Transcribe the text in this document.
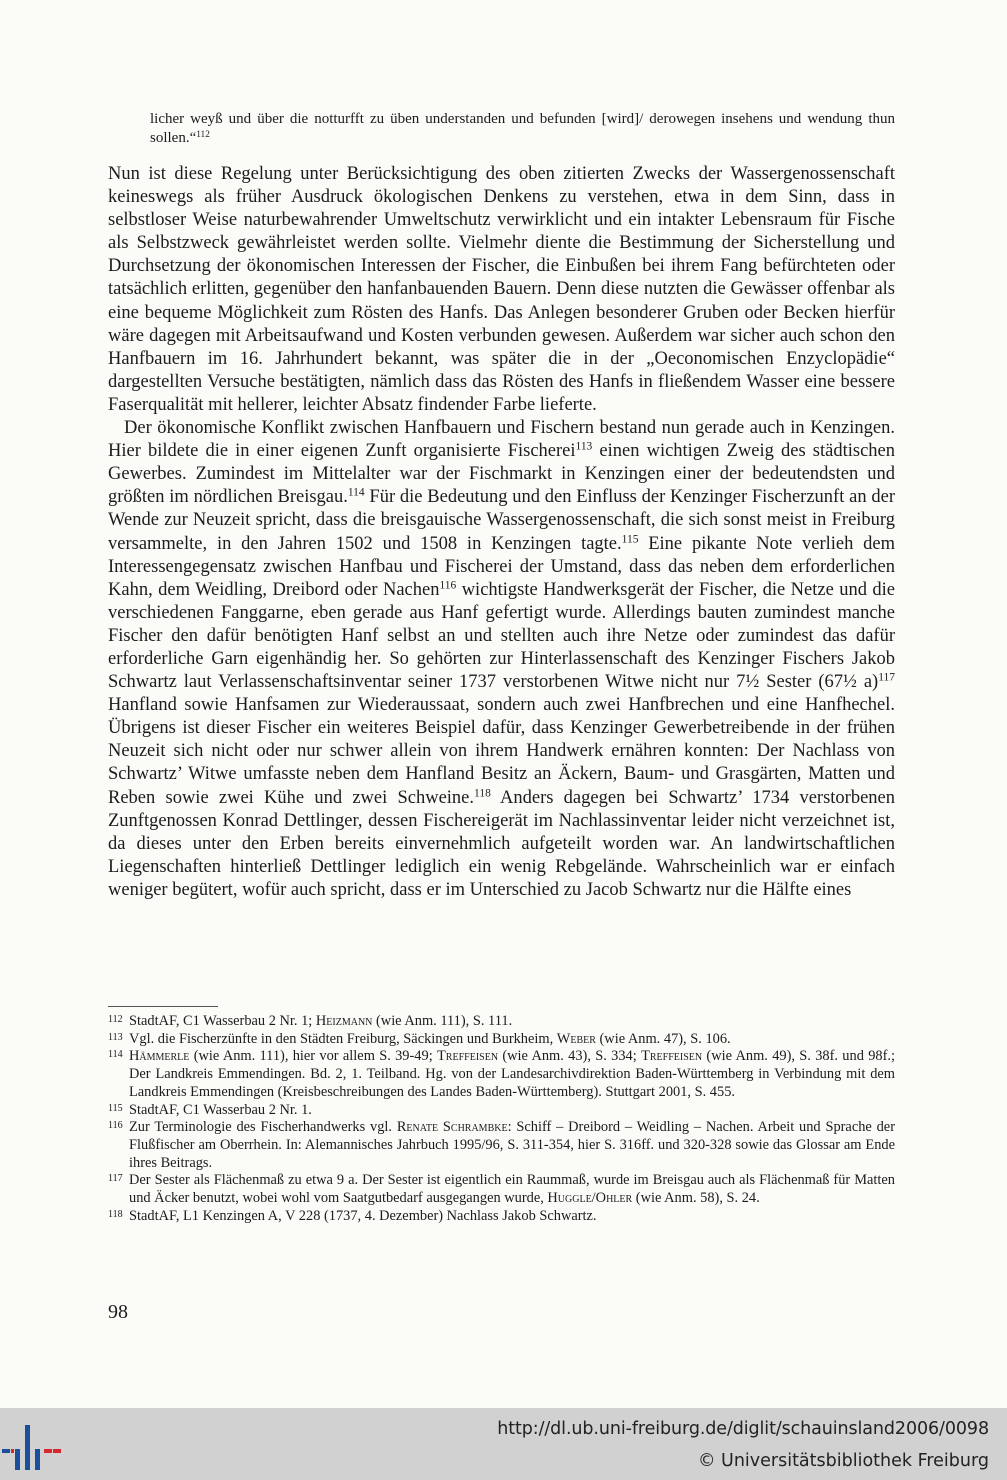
licher weyß und über die notturfft zu üben understanden und befunden [wird]/ derowegen insehens und wendung thun sollen.“$^{112}$

Nun ist diese Regelung unter Berücksichtigung des oben zitierten Zwecks der Wassergenossenschaft keineswegs als früher Ausdruck ökologischen Denkens zu verstehen, etwa in dem Sinn, dass in selbstloser Weise naturbewahrender Umweltschutz verwirklicht und ein intakter Lebensraum für Fische als Selbstzweck gewährleistet werden sollte. Vielmehr diente die Bestimmung der Sicherstellung und Durchsetzung der ökonomischen Interessen der Fischer, die Einbußen bei ihrem Fang befürchteten oder tatsächlich erlitten, gegenüber den hanfanbauenden Bauern. Denn diese nutzten die Gewässer offenbar als eine bequeme Möglichkeit zum Rösten des Hanfs. Das Anlegen besonderer Gruben oder Becken hierfür wäre dagegen mit Arbeitsaufwand und Kosten verbunden gewesen. Außerdem war sicher auch schon den Hanfbauern im 16. Jahrhundert bekannt, was später die in der „Oeconomischen Enzyclopädie“ dargestellten Versuche bestätigten, nämlich dass das Rösten des Hanfs in fließendem Wasser eine bessere Faserqualität mit hellerer, leichter Absatz findender Farbe lieferte.

Der ökonomische Konflikt zwischen Hanfbauern und Fischern bestand nun gerade auch in Kenzingen. Hier bildete die in einer eigenen Zunft organisierte Fischerei$^{113}$ einen wichtigen Zweig des städtischen Gewerbes. Zumindest im Mittelalter war der Fischmarkt in Kenzingen einer der bedeutendsten und größten im nördlichen Breisgau.$^{114}$ Für die Bedeutung und den Einfluss der Kenzinger Fischerzunft an der Wende zur Neuzeit spricht, dass die breisgauische Wassergenossenschaft, die sich sonst meist in Freiburg versammelte, in den Jahren 1502 und 1508 in Kenzingen tagte.$^{115}$ Eine pikante Note verlieh dem Interessengegensatz zwischen Hanfbau und Fischerei der Umstand, dass das neben dem erforderlichen Kahn, dem Weidling, Dreibord oder Nachen$^{116}$ wichtigste Handwerksgerät der Fischer, die Netze und die verschiedenen Fanggarne, eben gerade aus Hanf gefertigt wurde. Allerdings bauten zumindest manche Fischer den dafür benötigten Hanf selbst an und stellten auch ihre Netze oder zumindest das dafür erforderliche Garn eigenhändig her. So gehörten zur Hinterlassenschaft des Kenzinger Fischers Jakob Schwartz laut Verlassenschaftsinventar seiner 1737 verstorbenen Witwe nicht nur 7½ Sester (67½ a)$^{117}$ Hanfland sowie Hanfsamen zur Wiederaussaat, sondern auch zwei Hanfbrechen und eine Hanfhechel. Übrigens ist dieser Fischer ein weiteres Beispiel dafür, dass Kenzinger Gewerbetreibende in der frühen Neuzeit sich nicht oder nur schwer allein von ihrem Handwerk ernähren konnten: Der Nachlass von Schwartz’ Witwe umfasste neben dem Hanfland Besitz an Äckern, Baum- und Grasgärten, Matten und Reben sowie zwei Kühe und zwei Schweine.$^{118}$ Anders dagegen bei Schwartz’ 1734 verstorbenen Zunftgenossen Konrad Dettlinger, dessen Fischereigerät im Nachlassinventar leider nicht verzeichnet ist, da dieses unter den Erben bereits einvernehmlich aufgeteilt worden war. An landwirtschaftlichen Liegenschaften hinterließ Dettlinger lediglich ein wenig Rebgelände. Wahrscheinlich war er einfach weniger begütert, wofür auch spricht, dass er im Unterschied zu Jacob Schwartz nur die Hälfte eines

112 StadtAF, C1 Wasserbau 2 Nr. 1; Heizmann (wie Anm. 111), S. 111.
113 Vgl. die Fischerzünfte in den Städten Freiburg, Säckingen und Burkheim, Weber (wie Anm. 47), S. 106.
114 Hämmerle (wie Anm. 111), hier vor allem S. 39-49; Treffeisen (wie Anm. 43), S. 334; Treffeisen (wie Anm. 49), S. 38f. und 98f.; Der Landkreis Emmendingen. Bd. 2, 1. Teilband. Hg. von der Landesarchivdirektion Baden-Württemberg in Verbindung mit dem Landkreis Emmendingen (Kreisbeschreibungen des Landes Baden-Württemberg). Stuttgart 2001, S. 455.
115 StadtAF, C1 Wasserbau 2 Nr. 1.
116 Zur Terminologie des Fischerhandwerks vgl. Renate Schrambke: Schiff – Dreibord – Weidling – Nachen. Arbeit und Sprache der Flußfischer am Oberrhein. In: Alemannisches Jahrbuch 1995/96, S. 311-354, hier S. 316ff. und 320-328 sowie das Glossar am Ende ihres Beitrags.
117 Der Sester als Flächenmaß zu etwa 9 a. Der Sester ist eigentlich ein Raummaß, wurde im Breisgau auch als Flächenmaß für Matten und Äcker benutzt, wobei wohl vom Saatgutbedarf ausgegangen wurde, Huggle/Ohler (wie Anm. 58), S. 24.
118 StadtAF, L1 Kenzingen A, V 228 (1737, 4. Dezember) Nachlass Jakob Schwartz.
98
http://dl.ub.uni-freiburg.de/diglit/schauinsland2006/0098
© Universitätsbibliothek Freiburg
